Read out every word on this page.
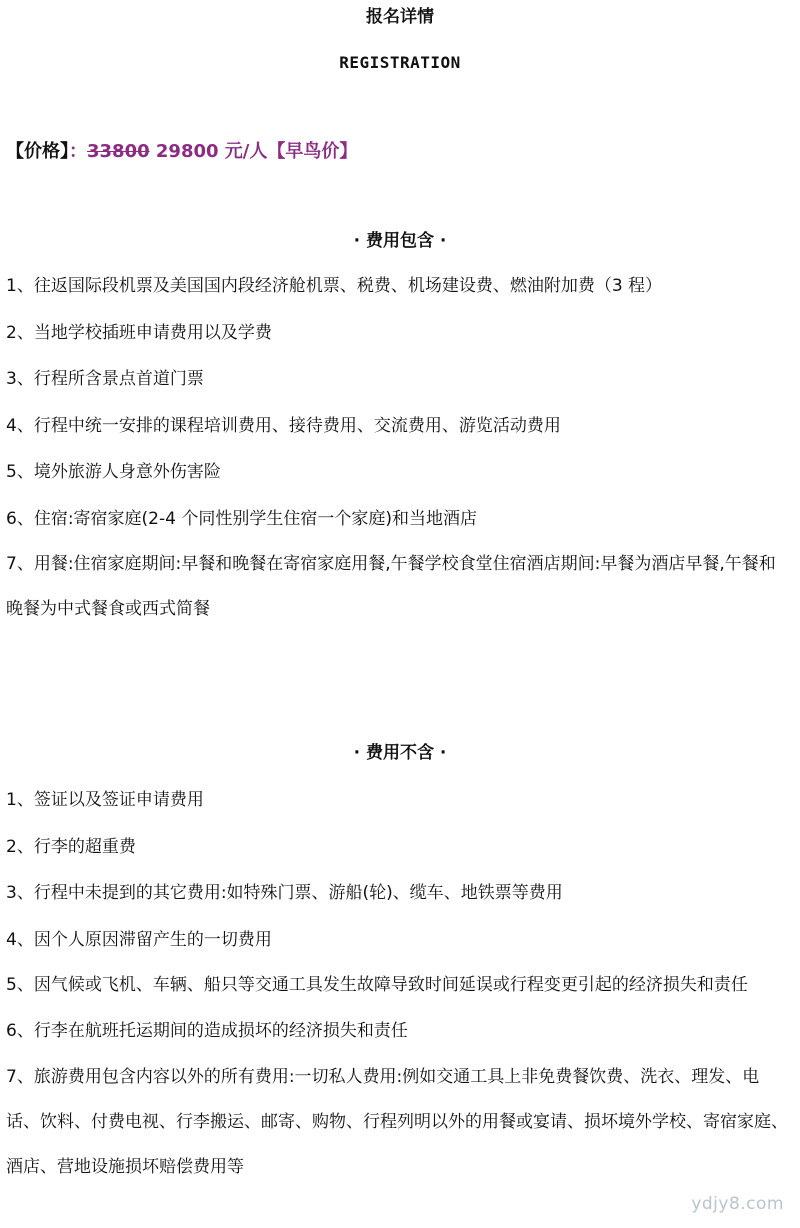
报名详情
REGISTRATION
【价格】：33800 29800 元/人【早鸟价】
· 费用包含 ·
1、往返国际段机票及美国国内段经济舱机票、税费、机场建设费、燃油附加费（3 程）
2、当地学校插班申请费用以及学费
3、行程所含景点首道门票
4、行程中统一安排的课程培训费用、接待费用、交流费用、游览活动费用
5、境外旅游人身意外伤害险
6、住宿:寄宿家庭(2-4 个同性别学生住宿一个家庭)和当地酒店
7、用餐:住宿家庭期间:早餐和晚餐在寄宿家庭用餐,午餐学校食堂住宿酒店期间:早餐为酒店早餐,午餐和晚餐为中式餐食或西式简餐
· 费用不含 ·
1、签证以及签证申请费用
2、行李的超重费
3、行程中未提到的其它费用:如特殊门票、游船(轮)、缆车、地铁票等费用
4、因个人原因滞留产生的一切费用
5、因气候或飞机、车辆、船只等交通工具发生故障导致时间延误或行程变更引起的经济损失和责任
6、行李在航班托运期间的造成损坏的经济损失和责任
7、旅游费用包含内容以外的所有费用:一切私人费用:例如交通工具上非免费餐饮费、洗衣、理发、电话、饮料、付费电视、行李搬运、邮寄、购物、行程列明以外的用餐或宴请、损坏境外学校、寄宿家庭、酒店、营地设施损坏赔偿费用等
ydjy8.com
